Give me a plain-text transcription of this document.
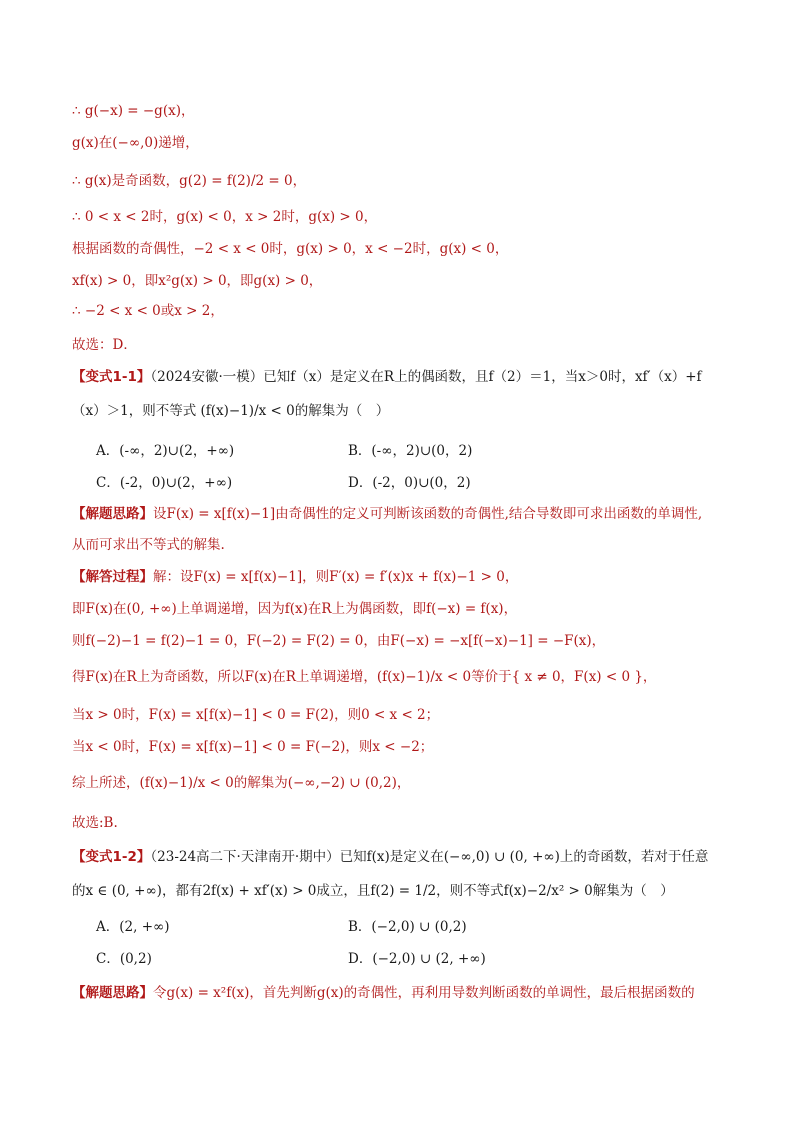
∴ g(−x) = −g(x)，
g(x)在(−∞,0)递增，
∴ g(x)是奇函数，g(2) = f(2)/2 = 0，
∴ 0 < x < 2时，g(x) < 0，x > 2时，g(x) > 0，
根据函数的奇偶性，−2 < x < 0时，g(x) > 0，x < −2时，g(x) < 0，
xf(x) > 0，即x²g(x) > 0，即g(x) > 0，
∴ −2 < x < 0或x > 2，
故选：D．
【变式1-1】（2024安徽·一模）已知f（x）是定义在R上的偶函数，且f（2）＝1，当x＞0时，xf′（x）+f
（x）＞1，则不等式 (f(x)−1)/x < 0的解集为（　）
A．(-∞，2)∪(2，+∞)	B．(-∞，2)∪(0，2)
C．(-2，0)∪(2，+∞)	D．(-2，0)∪(0，2)
【解题思路】设F(x) = x[f(x)−1]由奇偶性的定义可判断该函数的奇偶性,结合导数即可求出函数的单调性,
从而可求出不等式的解集.
【解答过程】解：设F(x) = x[f(x)−1]，则F′(x) = f′(x)x + f(x)−1 > 0，
即F(x)在(0, +∞)上单调递增，因为f(x)在R上为偶函数，即f(−x) = f(x)，
则f(−2)−1 = f(2)−1 = 0，F(−2) = F(2) = 0，由F(−x) = −x[f(−x)−1] = −F(x)，
得F(x)在R上为奇函数，所以F(x)在R上单调递增，(f(x)−1)/x < 0等价于{ x ≠ 0，F(x) < 0 }，
当x > 0时，F(x) = x[f(x)−1] < 0 = F(2)，则0 < x < 2；
当x < 0时，F(x) = x[f(x)−1] < 0 = F(−2)，则x < −2；
综上所述，(f(x)−1)/x < 0的解集为(−∞,−2) ∪ (0,2)，
故选:B.
【变式1-2】（23-24高二下·天津南开·期中）已知f(x)是定义在(−∞,0) ∪ (0, +∞)上的奇函数，若对于任意
的x ∈ (0, +∞)，都有2f(x) + xf′(x) > 0成立，且f(2) = 1/2，则不等式f(x)−2/x² > 0解集为（　）
A．(2, +∞)	B．(−2,0) ∪ (0,2)
C．(0,2)	D．(−2,0) ∪ (2, +∞)
【解题思路】令g(x) = x²f(x)，首先判断g(x)的奇偶性，再利用导数判断函数的单调性，最后根据函数的
